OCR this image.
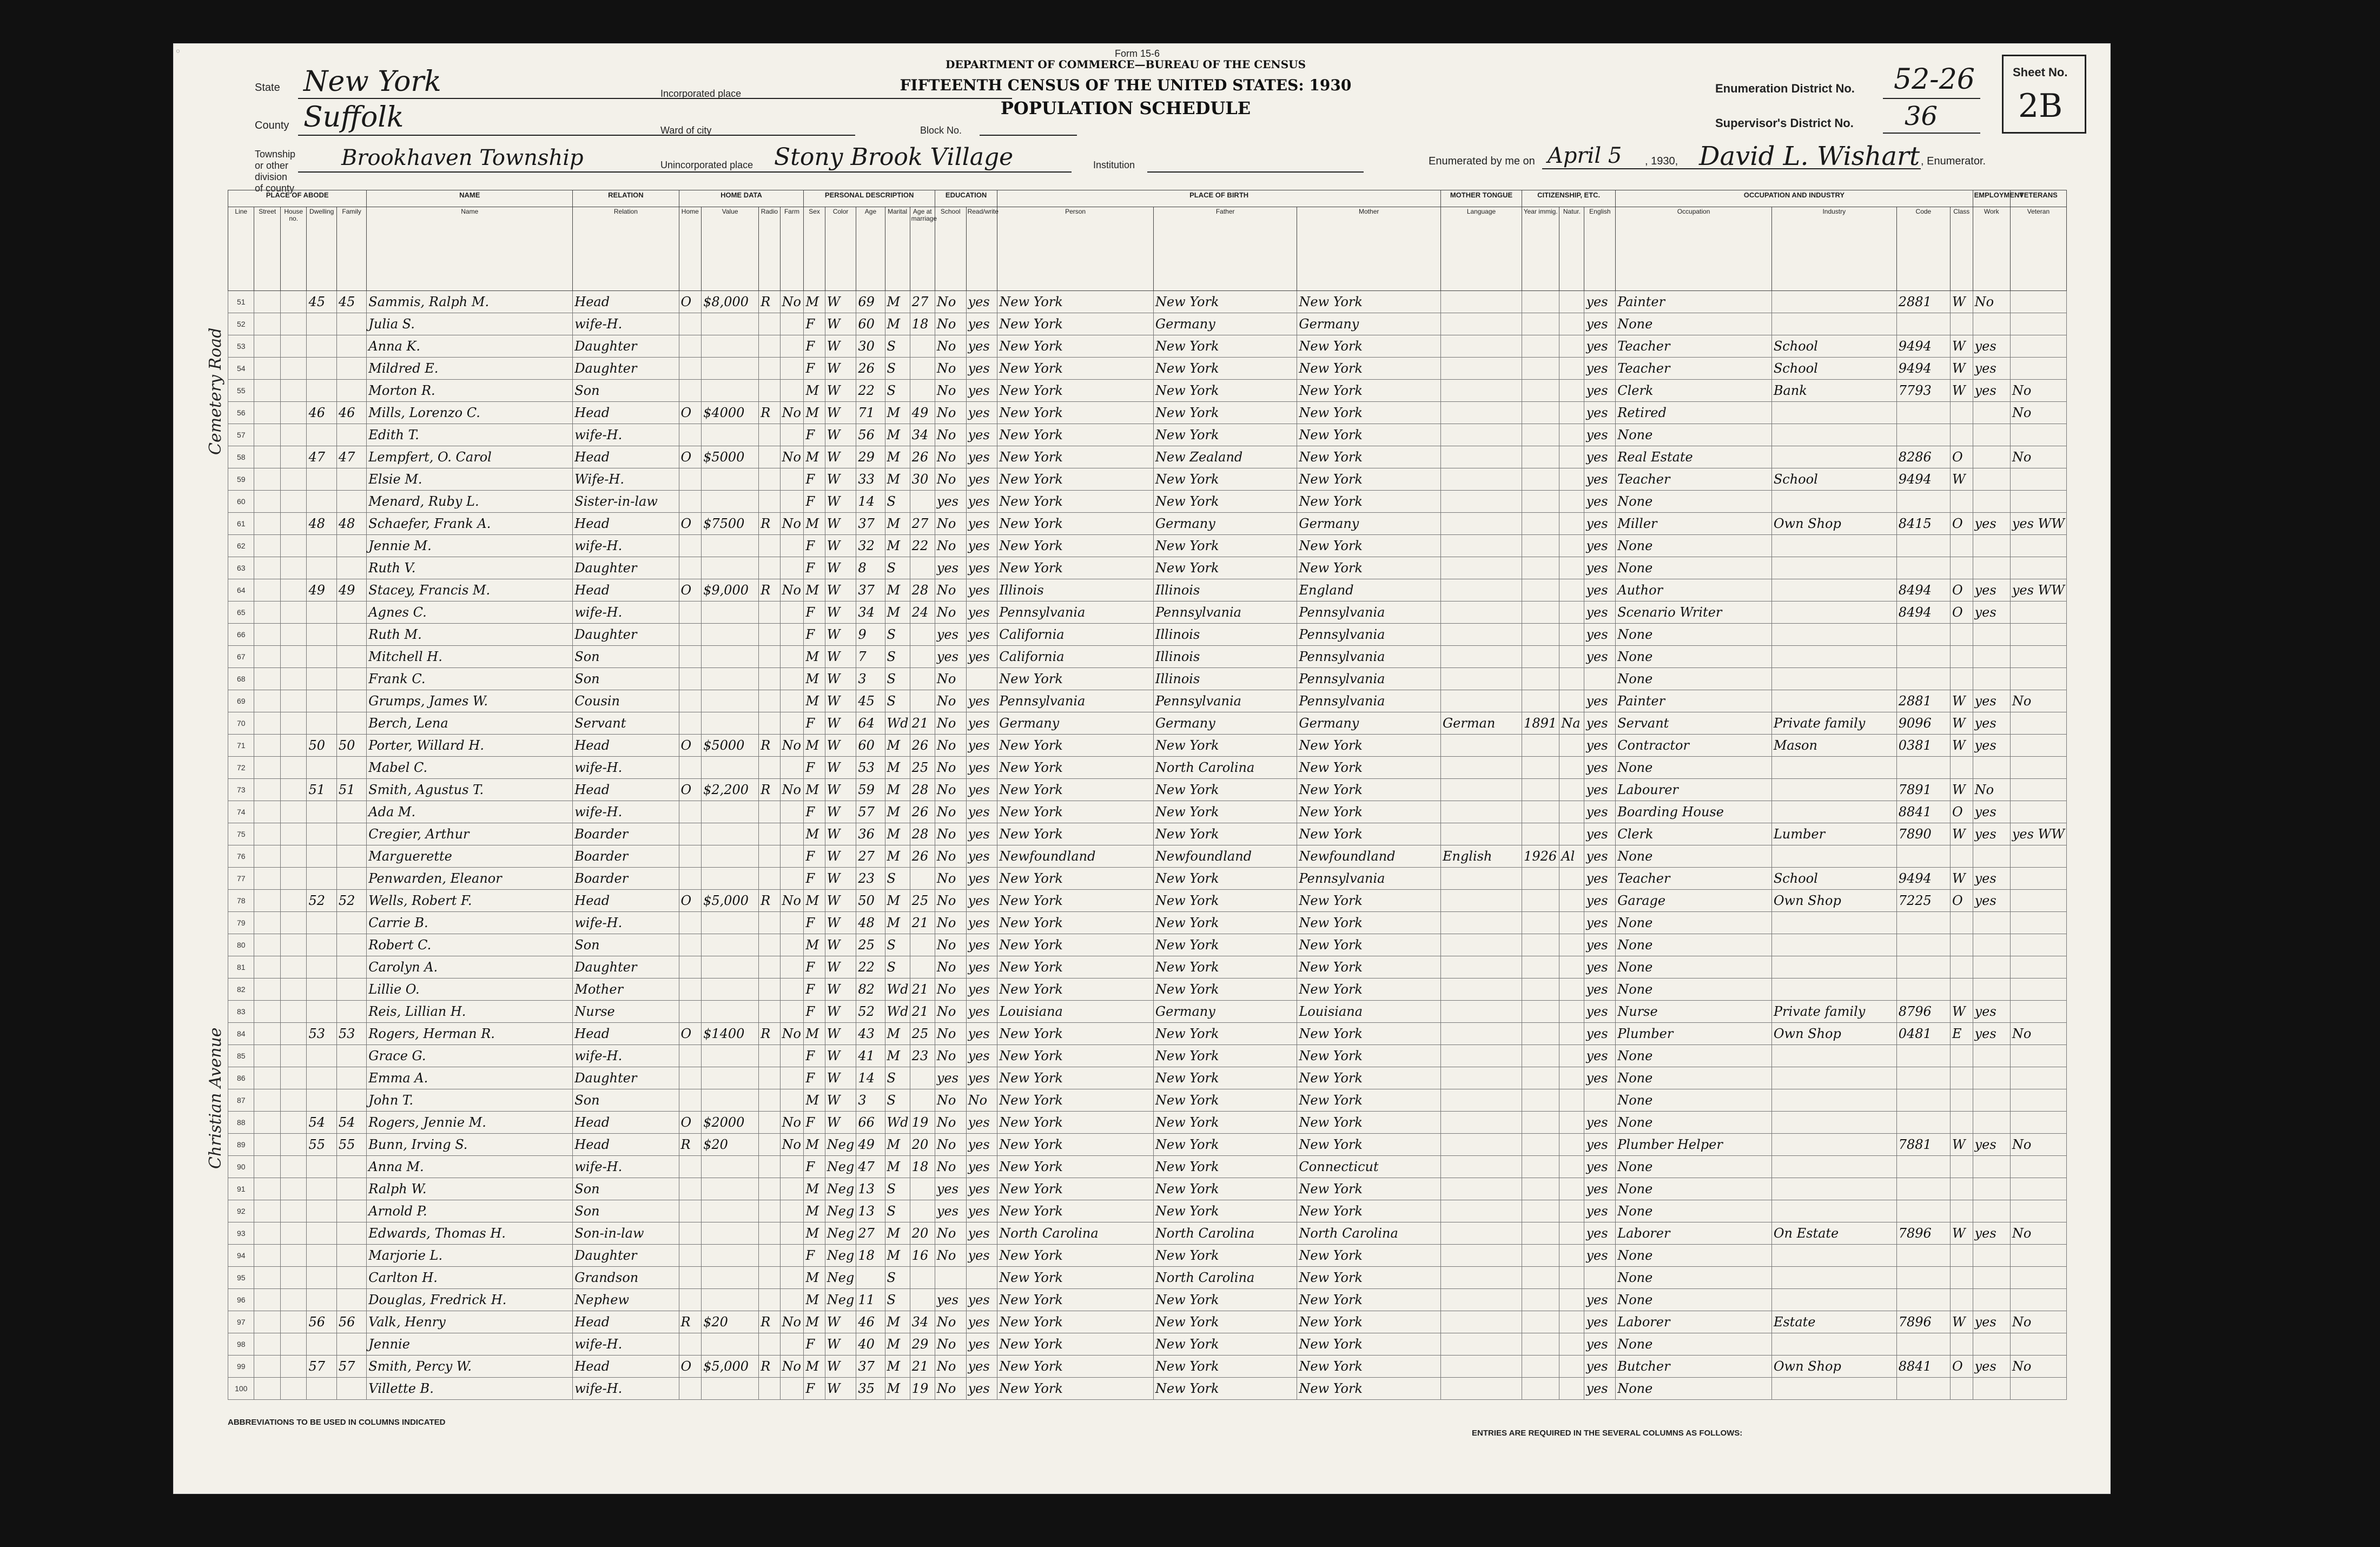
Form 15-6
DEPARTMENT OF COMMERCE—BUREAU OF THE CENSUS
FIFTEENTH CENSUS OF THE UNITED STATES: 1930
POPULATION SCHEDULE
State New York
County Suffolk
Township or other division of county
Brookhaven Township
Incorporated place
Ward of city	Block No.
Unincorporated place Stony Brook Village	Institution
Enumeration District No. 52-26
Supervisor's District No. 36
Sheet No.
2B
Enumerated by me on April 5 , 1930, David L. Wishart , Enumerator.
Cemetery Road
Christian Avenue
PLACE OF ABODE					NAME	RELATION	HOME DATA				PERSONAL DESCRIPTION					EDUCATION		PLACE OF BIRTH			MOTHER TONGUE	CITIZENSHIP, ETC.			OCCUPATION AND INDUSTRY				EMPLOYMENT	VETERANS
Line	Street	House no.	Dwelling	Family	Name	Relation	Home	Value	Radio	Farm	Sex	Color	Age	Marital	Age at marriage	School	Read/write	Person	Father	Mother	Language	Year immig.	Natur.	English	Occupation	Industry	Code	Class	Work	Veteran
51			45	45	Sammis, Ralph M.	Head	O	$8,000	R	No	M	W	69	M	27	No	yes	New York	New York	New York				yes	Painter		2881	W	No	
52					Julia S.	wife-H.					F	W	60	M	18	No	yes	New York	Germany	Germany				yes	None					
53					Anna K.	Daughter					F	W	30	S		No	yes	New York	New York	New York				yes	Teacher	School	9494	W	yes	
54					Mildred E.	Daughter					F	W	26	S		No	yes	New York	New York	New York				yes	Teacher	School	9494	W	yes	
55					Morton R.	Son					M	W	22	S		No	yes	New York	New York	New York				yes	Clerk	Bank	7793	W	yes	No
56			46	46	Mills, Lorenzo C.	Head	O	$4000	R	No	M	W	71	M	49	No	yes	New York	New York	New York				yes	Retired					No
57					Edith T.	wife-H.					F	W	56	M	34	No	yes	New York	New York	New York				yes	None					
58			47	47	Lempfert, O. Carol	Head	O	$5000		No	M	W	29	M	26	No	yes	New York	New Zealand	New York				yes	Real Estate		8286	O		No
59					Elsie M.	Wife-H.					F	W	33	M	30	No	yes	New York	New York	New York				yes	Teacher	School	9494	W		
60					Menard, Ruby L.	Sister-in-law					F	W	14	S		yes	yes	New York	New York	New York				yes	None					
61			48	48	Schaefer, Frank A.	Head	O	$7500	R	No	M	W	37	M	27	No	yes	New York	Germany	Germany				yes	Miller	Own Shop	8415	O	yes	yes WW
62					Jennie M.	wife-H.					F	W	32	M	22	No	yes	New York	New York	New York				yes	None					
63					Ruth V.	Daughter					F	W	8	S		yes	yes	New York	New York	New York				yes	None					
64			49	49	Stacey, Francis M.	Head	O	$9,000	R	No	M	W	37	M	28	No	yes	Illinois	Illinois	England				yes	Author		8494	O	yes	yes WW
65					Agnes C.	wife-H.					F	W	34	M	24	No	yes	Pennsylvania	Pennsylvania	Pennsylvania				yes	Scenario Writer		8494	O	yes	
66					Ruth M.	Daughter					F	W	9	S		yes	yes	California	Illinois	Pennsylvania				yes	None					
67					Mitchell H.	Son					M	W	7	S		yes	yes	California	Illinois	Pennsylvania				yes	None					
68					Frank C.	Son					M	W	3	S		No		New York	Illinois	Pennsylvania					None					
69					Grumps, James W.	Cousin					M	W	45	S		No	yes	Pennsylvania	Pennsylvania	Pennsylvania				yes	Painter		2881	W	yes	No
70					Berch, Lena	Servant					F	W	64	Wd	21	No	yes	Germany	Germany	Germany	German	1891	Na	yes	Servant	Private family	9096	W	yes	
71			50	50	Porter, Willard H.	Head	O	$5000	R	No	M	W	60	M	26	No	yes	New York	New York	New York				yes	Contractor	Mason	0381	W	yes	
72					Mabel C.	wife-H.					F	W	53	M	25	No	yes	New York	North Carolina	New York				yes	None					
73			51	51	Smith, Agustus T.	Head	O	$2,200	R	No	M	W	59	M	28	No	yes	New York	New York	New York				yes	Labourer		7891	W	No	
74					Ada M.	wife-H.					F	W	57	M	26	No	yes	New York	New York	New York				yes	Boarding House		8841	O	yes	
75					Cregier, Arthur	Boarder					M	W	36	M	28	No	yes	New York	New York	New York				yes	Clerk	Lumber	7890	W	yes	yes WW
76					Marguerette	Boarder					F	W	27	M	26	No	yes	Newfoundland	Newfoundland	Newfoundland	English	1926	Al	yes	None					
77					Penwarden, Eleanor	Boarder					F	W	23	S		No	yes	New York	New York	Pennsylvania				yes	Teacher	School	9494	W	yes	
78			52	52	Wells, Robert F.	Head	O	$5,000	R	No	M	W	50	M	25	No	yes	New York	New York	New York				yes	Garage	Own Shop	7225	O	yes	
79					Carrie B.	wife-H.					F	W	48	M	21	No	yes	New York	New York	New York				yes	None					
80					Robert C.	Son					M	W	25	S		No	yes	New York	New York	New York				yes	None					
81					Carolyn A.	Daughter					F	W	22	S		No	yes	New York	New York	New York				yes	None					
82					Lillie O.	Mother					F	W	82	Wd	21	No	yes	New York	New York	New York				yes	None					
83					Reis, Lillian H.	Nurse					F	W	52	Wd	21	No	yes	Louisiana	Germany	Louisiana				yes	Nurse	Private family	8796	W	yes	
84			53	53	Rogers, Herman R.	Head	O	$1400	R	No	M	W	43	M	25	No	yes	New York	New York	New York				yes	Plumber	Own Shop	0481	E	yes	No
85					Grace G.	wife-H.					F	W	41	M	23	No	yes	New York	New York	New York				yes	None					
86					Emma A.	Daughter					F	W	14	S		yes	yes	New York	New York	New York				yes	None					
87					John T.	Son					M	W	3	S		No	No	New York	New York	New York					None					
88			54	54	Rogers, Jennie M.	Head	O	$2000		No	F	W	66	Wd	19	No	yes	New York	New York	New York				yes	None					
89			55	55	Bunn, Irving S.	Head	R	$20		No	M	Neg	49	M	20	No	yes	New York	New York	New York				yes	Plumber Helper		7881	W	yes	No
90					Anna M.	wife-H.					F	Neg	47	M	18	No	yes	New York	New York	Connecticut				yes	None					
91					Ralph W.	Son					M	Neg	13	S		yes	yes	New York	New York	New York				yes	None					
92					Arnold P.	Son					M	Neg	13	S		yes	yes	New York	New York	New York				yes	None					
93					Edwards, Thomas H.	Son-in-law					M	Neg	27	M	20	No	yes	North Carolina	North Carolina	North Carolina				yes	Laborer	On Estate	7896	W	yes	No
94					Marjorie L.	Daughter					F	Neg	18	M	16	No	yes	New York	New York	New York				yes	None					
95					Carlton H.	Grandson					M	Neg		S				New York	North Carolina	New York					None					
96					Douglas, Fredrick H.	Nephew					M	Neg	11	S		yes	yes	New York	New York	New York				yes	None					
97			56	56	Valk, Henry	Head	R	$20	R	No	M	W	46	M	34	No	yes	New York	New York	New York				yes	Laborer	Estate	7896	W	yes	No
98					Jennie	wife-H.					F	W	40	M	29	No	yes	New York	New York	New York				yes	None					
99			57	57	Smith, Percy W.	Head	O	$5,000	R	No	M	W	37	M	21	No	yes	New York	New York	New York				yes	Butcher	Own Shop	8841	O	yes	No
100					Villette B.	wife-H.					F	W	35	M	19	No	yes	New York	New York	New York				yes	None					
ABBREVIATIONS TO BE USED IN COLUMNS INDICATED
ENTRIES ARE REQUIRED IN THE SEVERAL COLUMNS AS FOLLOWS:
◦
